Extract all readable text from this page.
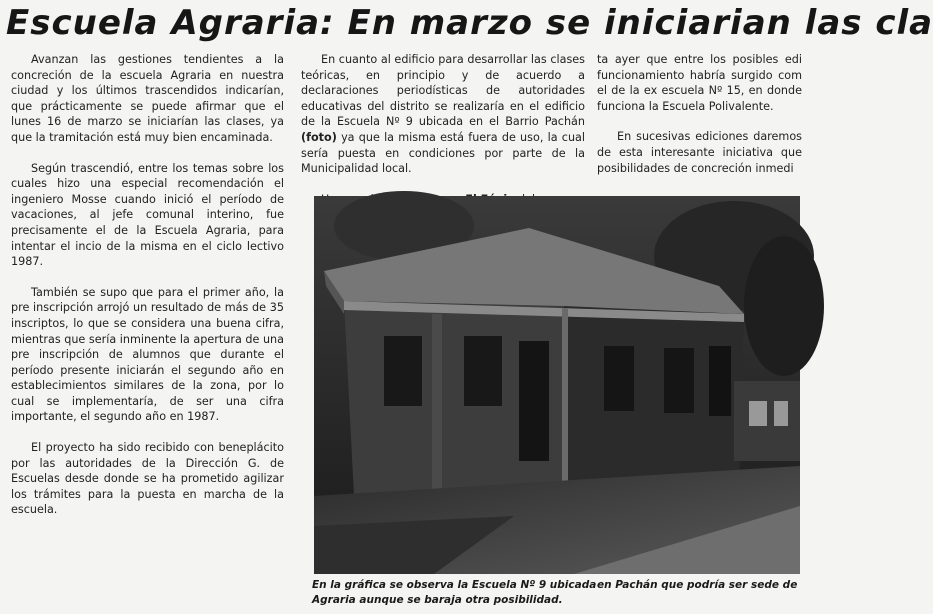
Escuela Agraria: En marzo se iniciarian las cla

Avanzan las gestiones tendientes a la concreción de la escuela Agraria en nuestra ciudad y los últimos trascendidos indicarían, que prácticamente se puede afirmar que el lunes 16 de marzo se iniciarían las clases, ya que la tramitación está muy bien encaminada.

Según trascendió, entre los temas sobre los cuales hizo una especial recomendación el ingeniero Mosse cuando inició el período de vacaciones, al jefe comunal interino, fue precisamente el de la Escuela Agraria, para intentar el incio de la misma en el ciclo lectivo 1987.

También se supo que para el primer año, la pre inscripción arrojó un resultado de más de 35 inscriptos, lo que se considera una buena cifra, mientras que sería inminente la apertura de una pre inscripción de alumnos que durante el período presente iniciarán el segundo año en establecimientos similares de la zona, por lo cual se implementaría, de ser una cifra importante, el segundo año en 1987.

El proyecto ha sido recibido con beneplácito por las autoridades de la Dirección G. de Escuelas desde donde se ha prometido agilizar los trámites para la puesta en marcha de la escuela.

En cuanto al edificio para desarrollar las clases teóricas, en principio y de acuerdo a declaraciones periodísticas de autoridades educativas del distrito se realizaría en el edificio de la Escuela Nº 9 ubicada en el Barrio Pachán (foto) ya que la misma está fuera de uso, la cual sería puesta en condiciones por parte de la Municipalidad local.

ta ayer que entre los posibles edi funcionamiento habría surgido com el de la ex escuela Nº 15, en donde funciona la Escuela Polivalente.

En sucesivas ediciones daremos de esta interesante iniciativa que posibilidades de concreción inmedi

En la gráfica se observa la Escuela Nº 9 ubicada
Agraria aunque se baraja otra posibilidad.
en Pachán que podría ser sede de
